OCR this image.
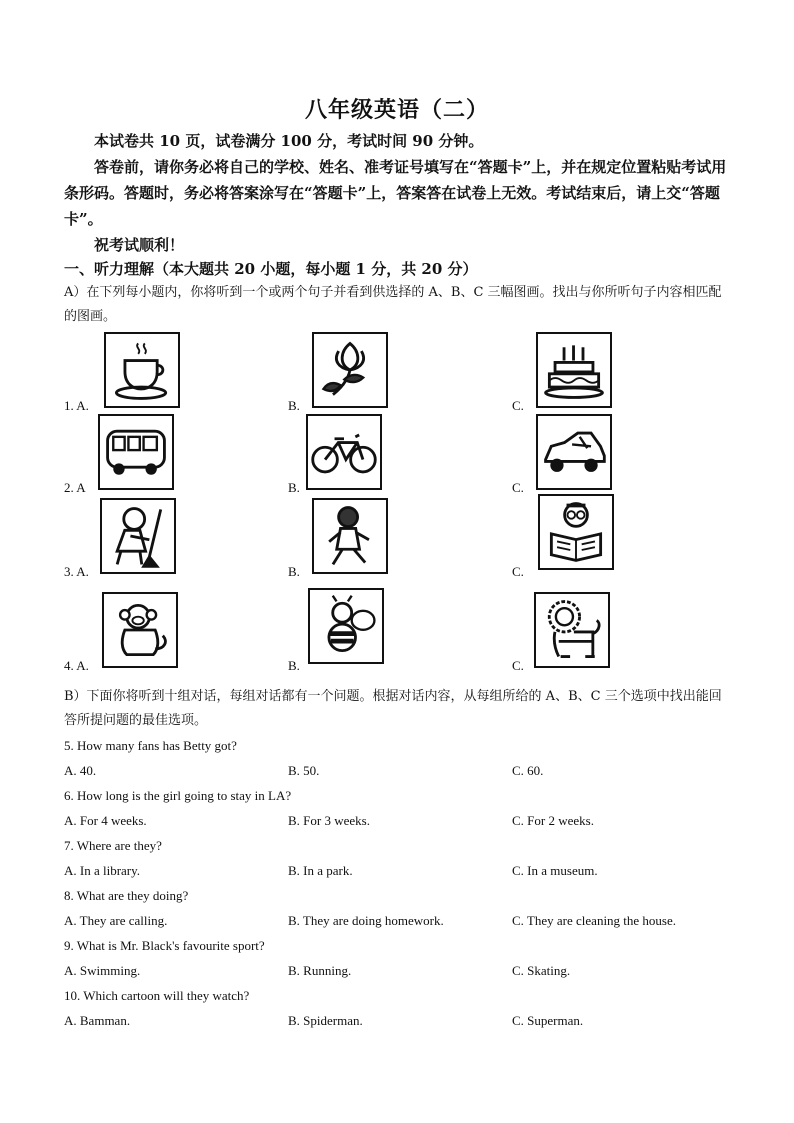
八年级英语（二）
本试卷共 10 页，试卷满分 100 分，考试时间 90 分钟。
答卷前，请你务必将自己的学校、姓名、准考证号填写在“答题卡”上，并在规定位置粘贴考试用条形码。答题时，务必将答案涂写在“答题卡”上，答案答在试卷上无效。考试结束后，请上交“答题卡”。
祝考试顺利！
一、听力理解（本大题共 20 小题，每小题 1 分，共 20 分）
A）在下列每小题内，你将听到一个或两个句子并看到供选择的 A、B、C 三幅图画。找出与你所听句子内容相匹配的图画。
1. A.	B.	C.
2. A	B.	C.
3. A.	B.	C.
4. A.	B.	C.
B）下面你将听到十组对话，每组对话都有一个问题。根据对话内容，从每组所给的 A、B、C 三个选项中找出能回答所提问题的最佳选项。
5. How many fans has Betty got?
A. 40.	B. 50.	C. 60.
6. How long is the girl going to stay in LA?
A. For 4 weeks.	B. For 3 weeks.	C. For 2 weeks.
7. Where are they?
A. In a library.	B. In a park.	C. In a museum.
8. What are they doing?
A. They are calling.	B. They are doing homework.	C. They are cleaning the house.
9. What is Mr. Black's favourite sport?
A. Swimming.	B. Running.	C. Skating.
10. Which cartoon will they watch?
A. Bamman.	B. Spiderman.	C. Superman.
